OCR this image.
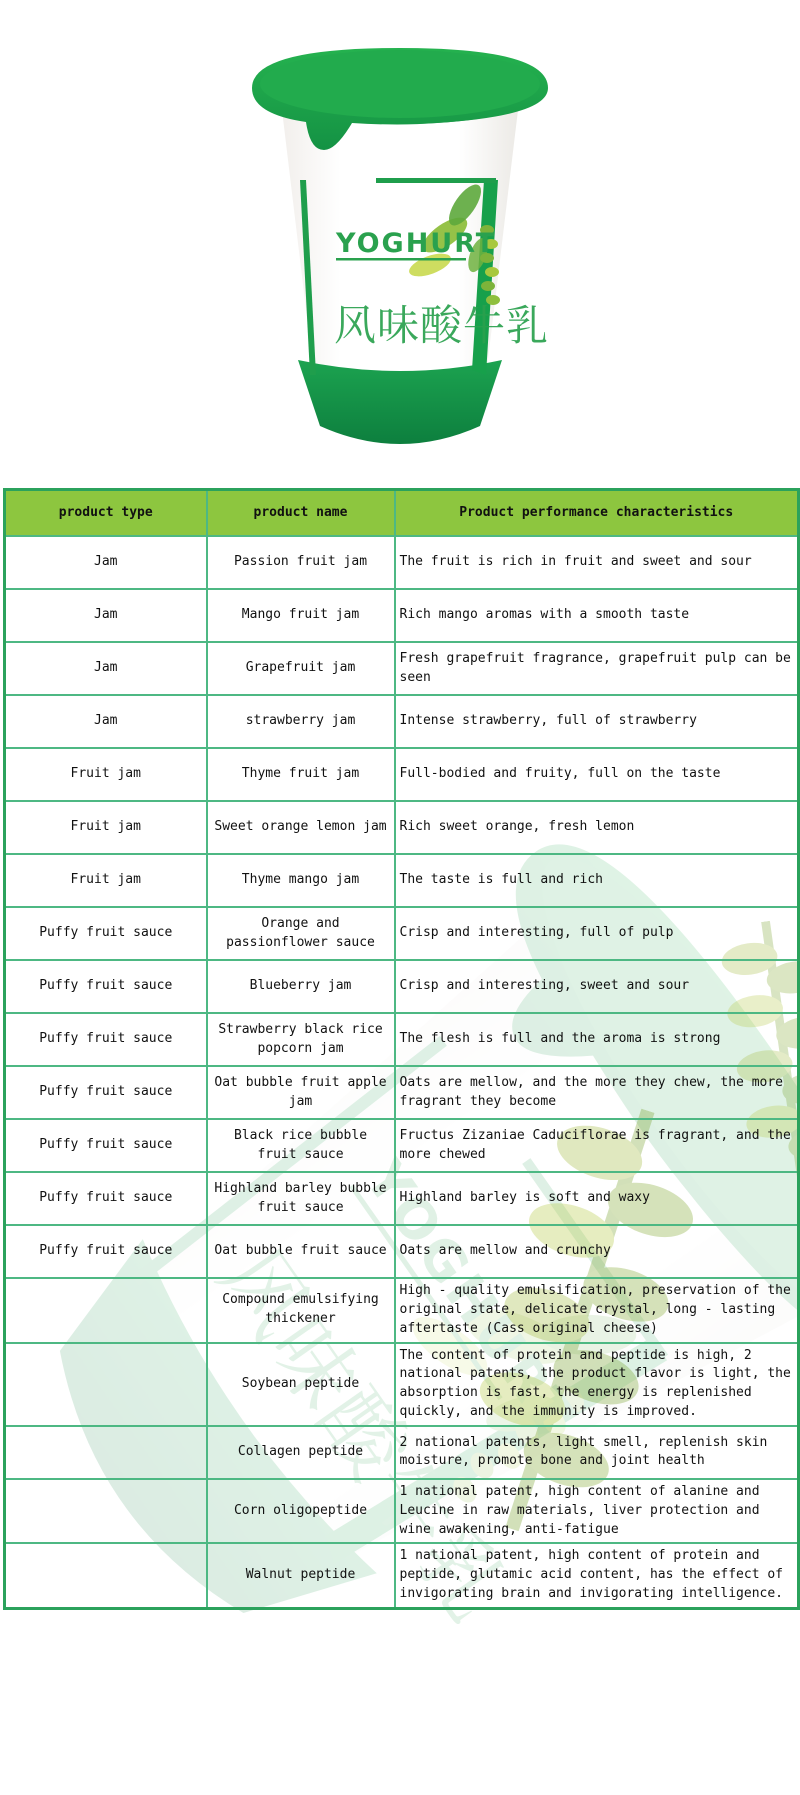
product type	product name	Product performance characteristics
Jam	Passion fruit jam	The fruit is rich in fruit and sweet and sour
Jam	Mango fruit jam	Rich mango aromas with a smooth taste
Jam	Grapefruit jam	Fresh grapefruit fragrance, grapefruit pulp can be seen
Jam	strawberry jam	Intense strawberry, full of strawberry
Fruit jam	Thyme fruit jam	Full-bodied and fruity, full on the taste
Fruit jam	Sweet orange lemon jam	Rich sweet orange, fresh lemon
Fruit jam	Thyme mango jam	The taste is full and rich
Puffy fruit sauce	Orange and passionflower sauce	Crisp and interesting, full of pulp
Puffy fruit sauce	Blueberry jam	Crisp and interesting, sweet and sour
Puffy fruit sauce	Strawberry black rice popcorn jam	The flesh is full and the aroma is strong
Puffy fruit sauce	Oat bubble fruit apple jam	Oats are mellow, and the more they chew, the more fragrant they become
Puffy fruit sauce	Black rice bubble fruit sauce	Fructus Zizaniae Caduciflorae is fragrant, and the more chewed
Puffy fruit sauce	Highland barley bubble fruit sauce	Highland barley is soft and waxy
Puffy fruit sauce	Oat bubble fruit sauce	Oats are mellow and crunchy
	Compound emulsifying thickener	High - quality emulsification, preservation of the original state, delicate crystal, long - lasting aftertaste (Cass original cheese)
	Soybean peptide	The content of protein and peptide is high, 2 national patents, the product flavor is light, the absorption is fast, the energy is replenished quickly, and the immunity is improved.
	Collagen peptide	2 national patents, light smell, replenish skin moisture, promote bone and joint health
	Corn oligopeptide	1 national patent, high content of alanine and Leucine in raw materials, liver protection and wine awakening, anti-fatigue
	Walnut peptide	1 national patent, high content of protein and peptide, glutamic acid content, has the effect of invigorating brain and invigorating intelligence.
